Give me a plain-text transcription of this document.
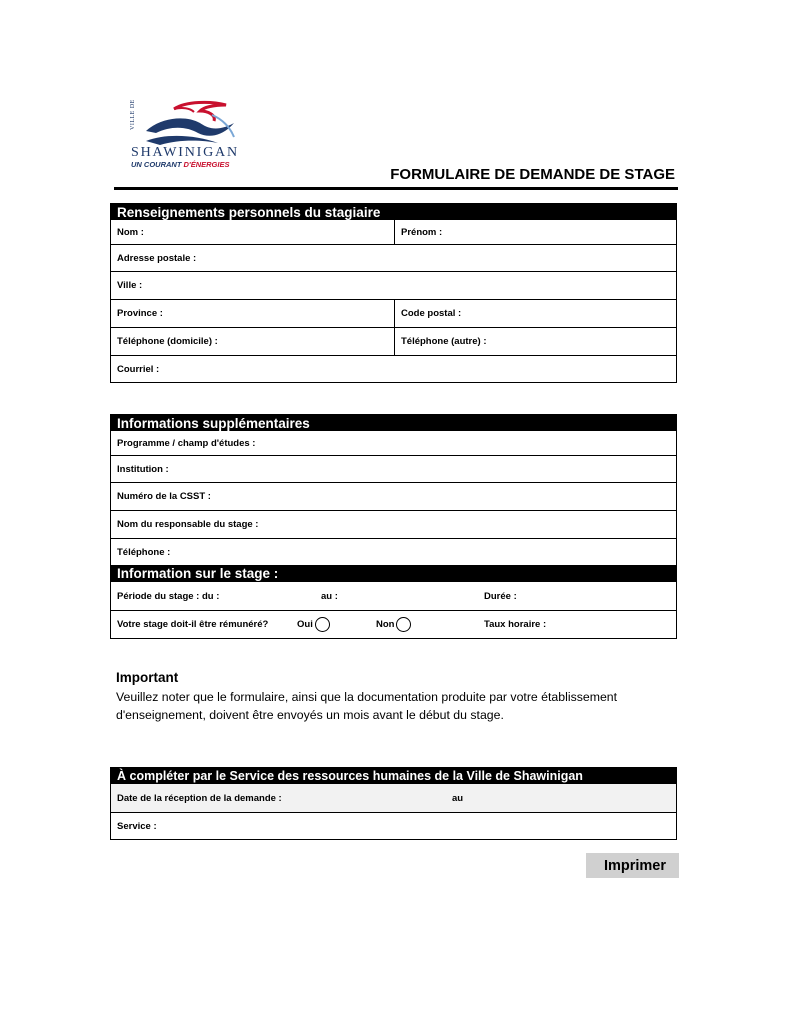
VILLE DE
SHAWINIGAN
UN COURANT D'ÉNERGIES
FORMULAIRE DE DEMANDE DE STAGE
Renseignements personnels du stagiaire
Nom :	Prénom :
Adresse postale :
Ville :
Province :	Code postal :
Téléphone (domicile) :	Téléphone (autre) :
Courriel :
Informations supplémentaires
Programme / champ d'études :
Institution :
Numéro de la CSST :
Nom du responsable du stage :
Téléphone :
Information sur le stage :
Période du stage : du :	au :	Durée :
Votre stage doit-il être rémunéré?	Oui	Non	Taux horaire :
Important
Veuillez noter que le formulaire, ainsi que la documentation produite par votre établissement d'enseignement, doivent être envoyés un mois avant le début du stage.
À compléter par le Service des ressources humaines de la Ville de Shawinigan
Date de la réception de la demande :	au
Service :
Imprimer
